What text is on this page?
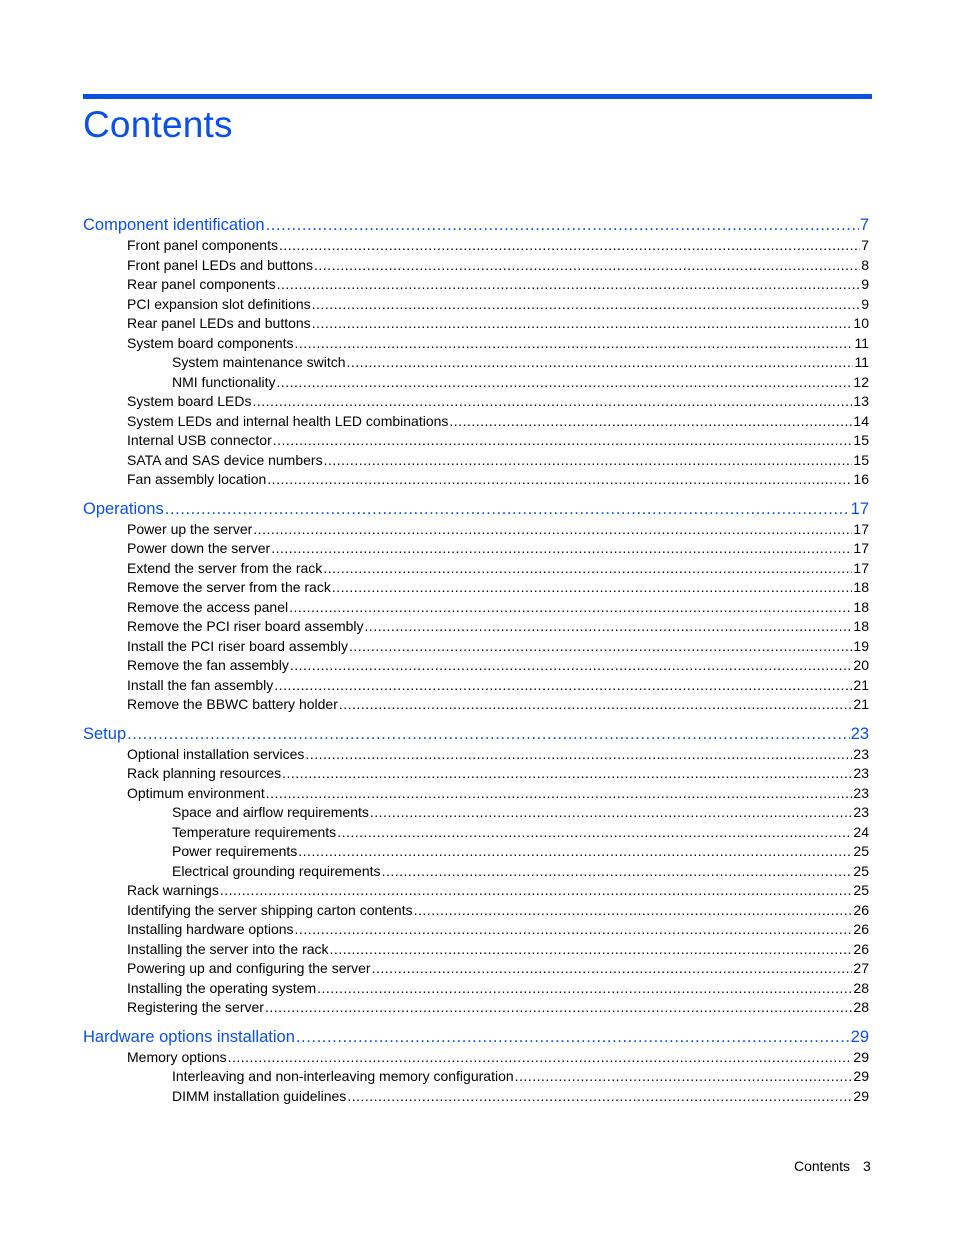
Contents
Component identification .....	7
Front panel components .....	7
Front panel LEDs and buttons .....	8
Rear panel components .....	9
PCI expansion slot definitions .....	9
Rear panel LEDs and buttons .....	10
System board components .....	11
System maintenance switch .....	11
NMI functionality .....	12
System board LEDs .....	13
System LEDs and internal health LED combinations .....	14
Internal USB connector .....	15
SATA and SAS device numbers .....	15
Fan assembly location .....	16
Operations .....	17
Power up the server .....	17
Power down the server .....	17
Extend the server from the rack .....	17
Remove the server from the rack .....	18
Remove the access panel .....	18
Remove the PCI riser board assembly .....	18
Install the PCI riser board assembly .....	19
Remove the fan assembly .....	20
Install the fan assembly .....	21
Remove the BBWC battery holder .....	21
Setup .....	23
Optional installation services .....	23
Rack planning resources .....	23
Optimum environment .....	23
Space and airflow requirements .....	23
Temperature requirements .....	24
Power requirements .....	25
Electrical grounding requirements .....	25
Rack warnings .....	25
Identifying the server shipping carton contents .....	26
Installing hardware options .....	26
Installing the server into the rack .....	26
Powering up and configuring the server .....	27
Installing the operating system .....	28
Registering the server .....	28
Hardware options installation .....	29
Memory options .....	29
Interleaving and non-interleaving memory configuration .....	29
DIMM installation guidelines .....	29
Contents 3
